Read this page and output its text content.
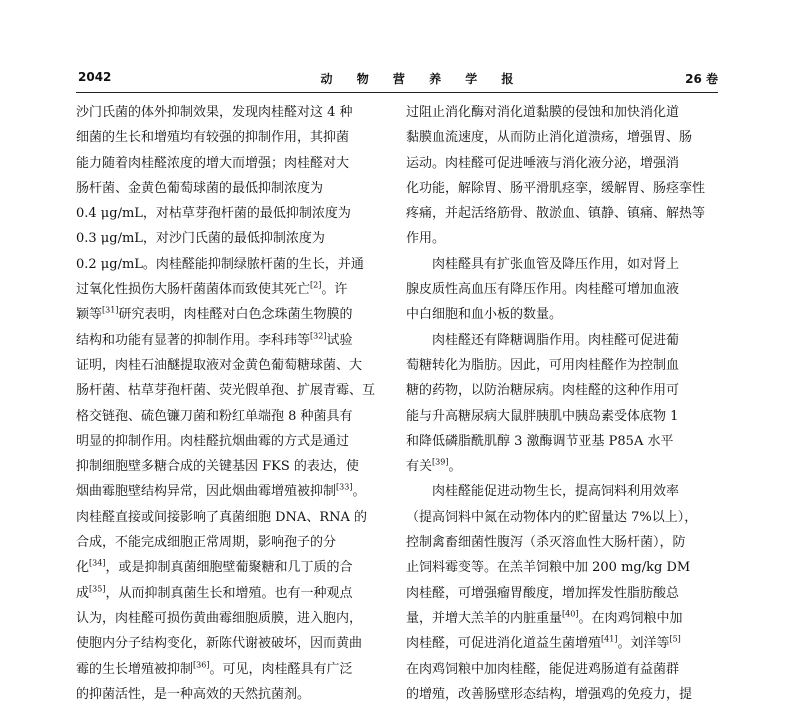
2042	动 物 营 养 学 报	26 卷
沙门氏菌的体外抑制效果，发现肉桂醛对这 4 种
细菌的生长和增殖均有较强的抑制作用，其抑菌
能力随着肉桂醛浓度的增大而增强；肉桂醛对大
肠杆菌、金黄色葡萄球菌的最低抑制浓度为
0.4 μg/mL，对枯草芽孢杆菌的最低抑制浓度为
0.3 μg/mL，对沙门氏菌的最低抑制浓度为
0.2 μg/mL。肉桂醛能抑制绿脓杆菌的生长，并通
过氧化性损伤大肠杆菌菌体而致使其死亡[2]。许
颖等[31]研究表明，肉桂醛对白色念珠菌生物膜的
结构和功能有显著的抑制作用。李科玮等[32]试验
证明，肉桂石油醚提取液对金黄色葡萄糖球菌、大
肠杆菌、枯草芽孢杆菌、荧光假单孢、扩展青霉、互
格交链孢、硫色镰刀菌和粉红单端孢 8 种菌具有
明显的抑制作用。肉桂醛抗烟曲霉的方式是通过
抑制细胞壁多糖合成的关键基因 FKS 的表达，使
烟曲霉胞壁结构异常，因此烟曲霉增殖被抑制[33]。
肉桂醛直接或间接影响了真菌细胞 DNA、RNA 的
合成，不能完成细胞正常周期，影响孢子的分
化[34]，或是抑制真菌细胞壁葡聚糖和几丁质的合
成[35]，从而抑制真菌生长和增殖。也有一种观点
认为，肉桂醛可损伤黄曲霉细胞质膜，进入胞内，
使胞内分子结构变化，新陈代谢被破坏，因而黄曲
霉的生长增殖被抑制[36]。可见，肉桂醛具有广泛
的抑菌活性，是一种高效的天然抗菌剂。
过阻止消化酶对消化道黏膜的侵蚀和加快消化道
黏膜血流速度，从而防止消化道溃疡，增强胃、肠
运动。肉桂醛可促进唾液与消化液分泌，增强消
化功能，解除胃、肠平滑肌痉挛，缓解胃、肠痉挛性
疼痛，并起活络筋骨、散淤血、镇静、镇痛、解热等
作用。
　　肉桂醛具有扩张血管及降压作用，如对肾上
腺皮质性高血压有降压作用。肉桂醛可增加血液
中白细胞和血小板的数量。
　　肉桂醛还有降糖调脂作用。肉桂醛可促进葡
萄糖转化为脂肪。因此，可用肉桂醛作为控制血
糖的药物，以防治糖尿病。肉桂醛的这种作用可
能与升高糖尿病大鼠胖胰肌中胰岛素受体底物 1
和降低磷脂酰肌醇 3 激酶调节亚基 P85A 水平
有关[39]。
　　肉桂醛能促进动物生长，提高饲料利用效率
（提高饲料中氮在动物体内的贮留量达 7%以上），
控制禽畜细菌性腹泻（杀灭溶血性大肠杆菌），防
止饲料霉变等。在羔羊饲粮中加 200 mg/kg DM
肉桂醛，可增强瘤胃酸度，增加挥发性脂肪酸总
量，并增大羔羊的内脏重量[40]。在肉鸡饲粮中加
肉桂醛，可促进消化道益生菌增殖[41]。刘洋等[5]
在肉鸡饲粮中加肉桂醛，能促进鸡肠道有益菌群
的增殖，改善肠壁形态结构，增强鸡的免疫力，提
